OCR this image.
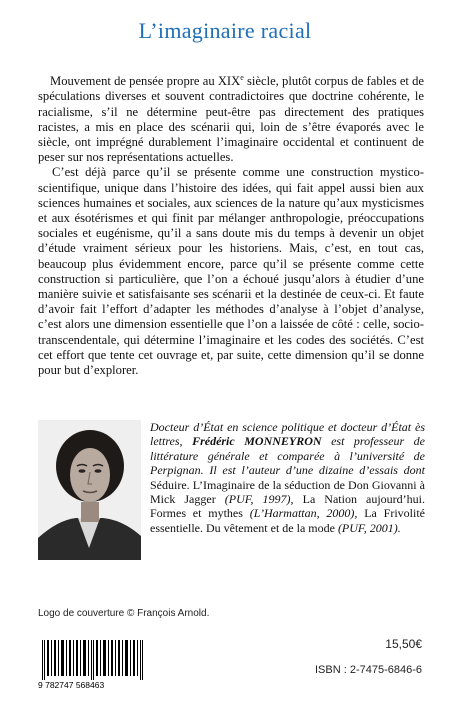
L’imaginaire racial

Mouvement de pensée propre au XIXe siècle, plutôt corpus de fables et de spéculations diverses et souvent contradictoires que doctrine cohérente, le racialisme, s’il ne détermine peut-être pas directement des pratiques racistes, a mis en place des scénarii qui, loin de s’être évaporés avec le siècle, ont imprégné durablement l’imaginaire occidental et continuent de peser sur nos représentations actuelles.

C’est déjà parce qu’il se présente comme une construction mystico-scientifique, unique dans l’histoire des idées, qui fait appel aussi bien aux sciences humaines et sociales, aux sciences de la nature qu’aux mysticismes et aux ésotérismes et qui finit par mélanger anthropologie, préoccupations sociales et eugénisme, qu’il a sans doute mis du temps à devenir un objet d’étude vraiment sérieux pour les historiens. Mais, c’est, en tout cas, beaucoup plus évidemment encore, parce qu’il se présente comme cette construction si particulière, que l’on a échoué jusqu’alors à étudier d’une manière suivie et satisfaisante ses scénarii et la destinée de ceux-ci. Et faute d’avoir fait l’effort d’adapter les méthodes d’analyse à l’objet d’analyse, c’est alors une dimension essentielle que l’on a laissée de côté : celle, socio-transcendentale, qui détermine l’imaginaire et les codes des sociétés. C’est cet effort que tente cet ouvrage et, par suite, cette dimension qu’il se donne pour but d’explorer.

Docteur d’État en science politique et docteur d’État ès lettres, Frédéric MONNEYRON est professeur de littérature générale et comparée à l’université de Perpignan. Il est l’auteur d’une dizaine d’essais dont Séduire. L’Imaginaire de la séduction de Don Giovanni à Mick Jagger (PUF, 1997), La Nation aujourd’hui. Formes et mythes (L’Harmattan, 2000), La Frivolité essentielle. Du vêtement et de la mode (PUF, 2001).
Logo de couverture © François Arnold.
15,50€
9 782747 568463
ISBN : 2-7475-6846-6
